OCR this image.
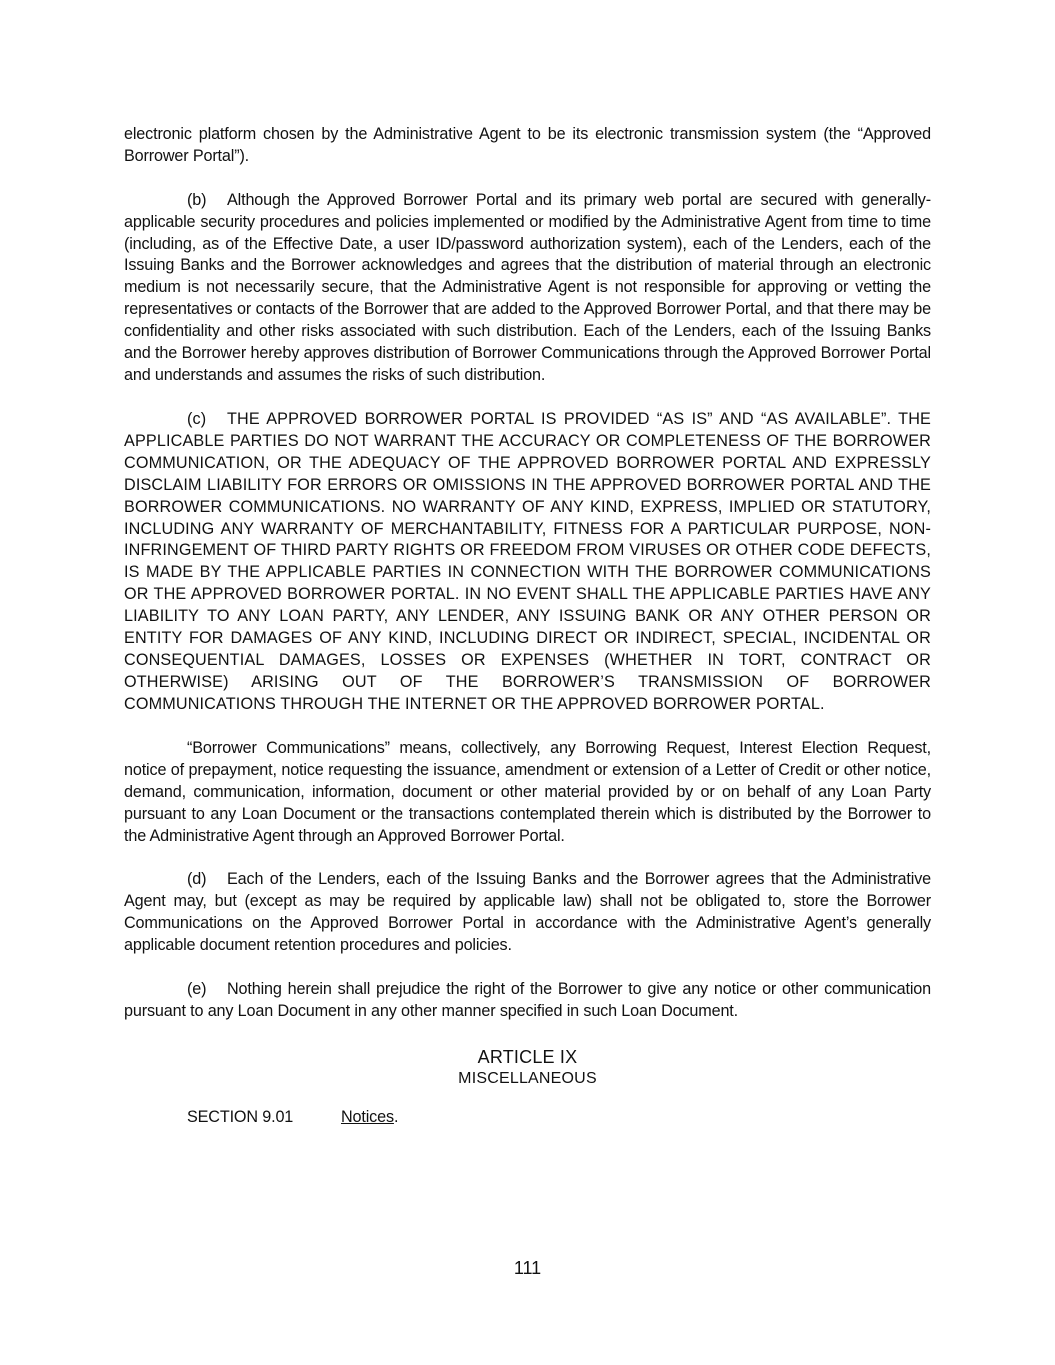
electronic platform chosen by the Administrative Agent to be its electronic transmission system (the “Approved Borrower Portal”).

(b) Although the Approved Borrower Portal and its primary web portal are secured with generally-applicable security procedures and policies implemented or modified by the Administrative Agent from time to time (including, as of the Effective Date, a user ID/password authorization system), each of the Lenders, each of the Issuing Banks and the Borrower acknowledges and agrees that the distribution of material through an electronic medium is not necessarily secure, that the Administrative Agent is not responsible for approving or vetting the representatives or contacts of the Borrower that are added to the Approved Borrower Portal, and that there may be confidentiality and other risks associated with such distribution. Each of the Lenders, each of the Issuing Banks and the Borrower hereby approves distribution of Borrower Communications through the Approved Borrower Portal and understands and assumes the risks of such distribution.

(c) THE APPROVED BORROWER PORTAL IS PROVIDED “AS IS” AND “AS AVAILABLE”. THE APPLICABLE PARTIES DO NOT WARRANT THE ACCURACY OR COMPLETENESS OF THE BORROWER COMMUNICATION, OR THE ADEQUACY OF THE APPROVED BORROWER PORTAL AND EXPRESSLY DISCLAIM LIABILITY FOR ERRORS OR OMISSIONS IN THE APPROVED BORROWER PORTAL AND THE BORROWER COMMUNICATIONS. NO WARRANTY OF ANY KIND, EXPRESS, IMPLIED OR STATUTORY, INCLUDING ANY WARRANTY OF MERCHANTABILITY, FITNESS FOR A PARTICULAR PURPOSE, NON-INFRINGEMENT OF THIRD PARTY RIGHTS OR FREEDOM FROM VIRUSES OR OTHER CODE DEFECTS, IS MADE BY THE APPLICABLE PARTIES IN CONNECTION WITH THE BORROWER COMMUNICATIONS OR THE APPROVED BORROWER PORTAL. IN NO EVENT SHALL THE APPLICABLE PARTIES HAVE ANY LIABILITY TO ANY LOAN PARTY, ANY LENDER, ANY ISSUING BANK OR ANY OTHER PERSON OR ENTITY FOR DAMAGES OF ANY KIND, INCLUDING DIRECT OR INDIRECT, SPECIAL, INCIDENTAL OR CONSEQUENTIAL DAMAGES, LOSSES OR EXPENSES (WHETHER IN TORT, CONTRACT OR OTHERWISE) ARISING OUT OF THE BORROWER’S TRANSMISSION OF BORROWER COMMUNICATIONS THROUGH THE INTERNET OR THE APPROVED BORROWER PORTAL.

“Borrower Communications” means, collectively, any Borrowing Request, Interest Election Request, notice of prepayment, notice requesting the issuance, amendment or extension of a Letter of Credit or other notice, demand, communication, information, document or other material provided by or on behalf of any Loan Party pursuant to any Loan Document or the transactions contemplated therein which is distributed by the Borrower to the Administrative Agent through an Approved Borrower Portal.

(d) Each of the Lenders, each of the Issuing Banks and the Borrower agrees that the Administrative Agent may, but (except as may be required by applicable law) shall not be obligated to, store the Borrower Communications on the Approved Borrower Portal in accordance with the Administrative Agent’s generally applicable document retention procedures and policies.

(e) Nothing herein shall prejudice the right of the Borrower to give any notice or other communication pursuant to any Loan Document in any other manner specified in such Loan Document.

ARTICLE IX
MISCELLANEOUS
SECTION 9.01	Notices.
111
